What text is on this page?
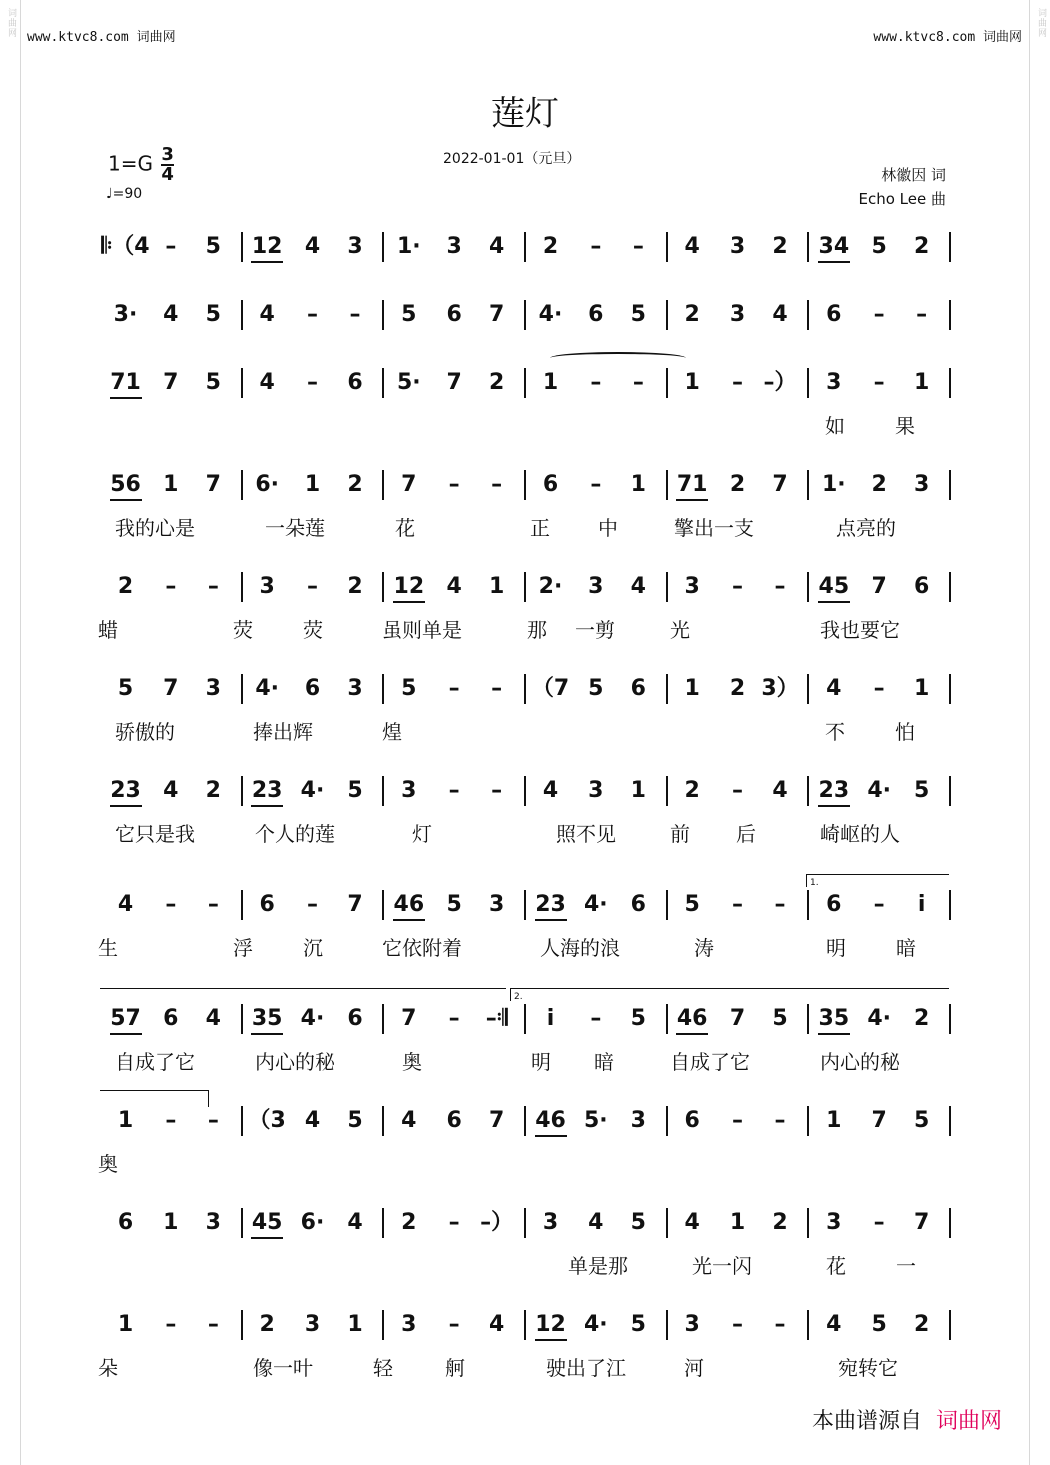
词曲网	词曲网
www.ktvc8.com 词曲网	www.ktvc8.com 词曲网
莲灯
$1=G \frac{3}{4}$	2022-01-01（元旦）
林徽因 词
Echo Lee 曲
♩=90
𝄆（4 – 5 12 4 3 1· 3 4 2 – – 4 3 2 34 5 2
3· 4 5 4 – – 5 6 7 4· 6 5 2 3 4 6 – –
71 7 5 4 – 6 5· 7 2 1 – – 1 – –） 3 – 1
如	果
56 1 7 6· 1 2 7 – – 6 – 1 71 2 7 1· 2 3
我的心是	一朵莲	花	正 中	擎出一支	点亮的
2 – – 3 – 2 12 4 1 2· 3 4 3 – – 45 7 6
蜡	荧	荧	虽则单是	那 一剪	光	我也要它
5 7 3 4· 6 3 5 – – （7 5 6 1 2 3） 4 – 1
骄傲的	捧出辉	煌	不	怕
23 4 2 23 4· 5 3 – – 4 3 1 2 – 4 23 4· 5
它只是我	个人的莲	灯	照不见	前 后	崎岖的人
4 – – 6 – 7 46 5 3 23 4· 6 5 – – 6 – i
生	浮	沉	它依附着	人海的浪	涛	明	暗
57 6 4 35 4· 6 7 – –𝄇 i – 5 46 7 5 35 4· 2
自成了它	内心的秘	奥	明 暗	自成了它	内心的秘
1 – – （3 4 5 4 6 7 46 5· 3 6 – – 1 7 5
奥
6 1 3 45 6· 4 2 – –） 3 4 5 4 1 2 3 – 7
单是那	光一闪	花	一
1 – – 2 3 1 3 – 4 12 4· 5 3 – – 4 5 2
朵	像一叶	轻	舸	驶出了江	河	宛转它
1.
2.
本曲谱源自 词曲网
